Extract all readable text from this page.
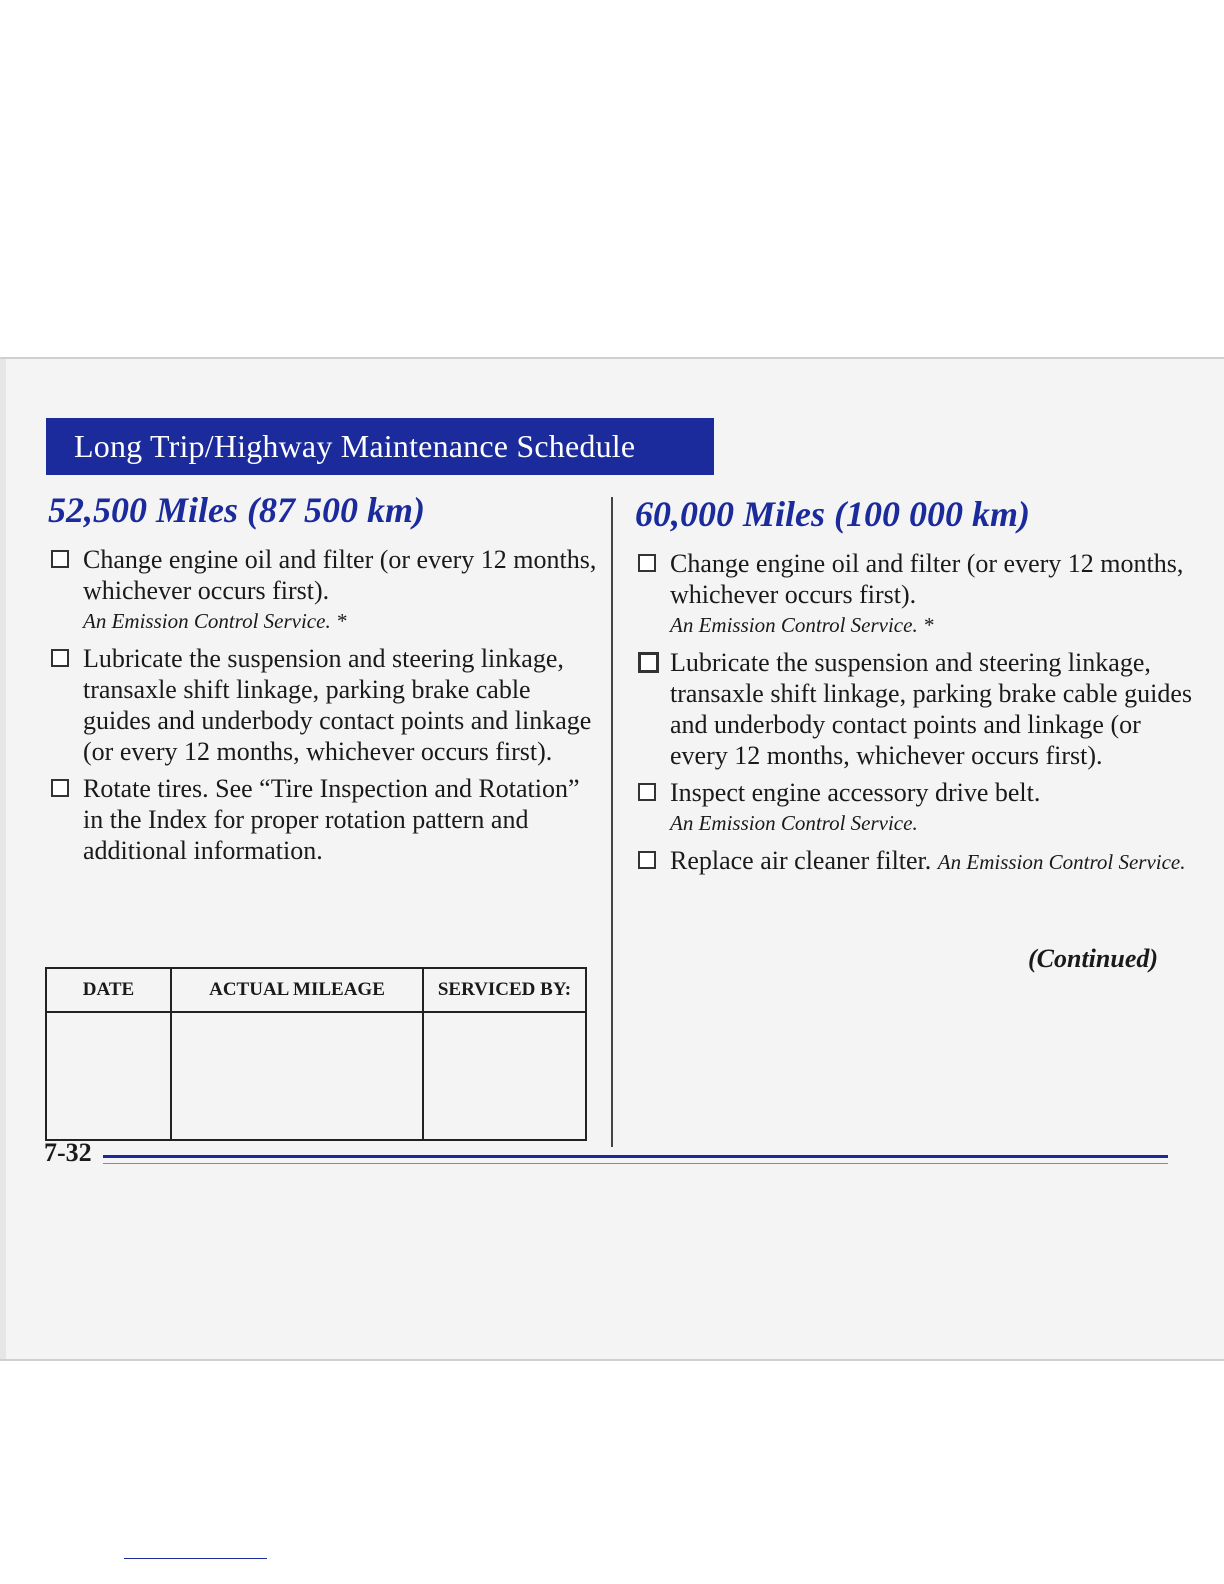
Long Trip/Highway Maintenance Schedule
52,500 Miles (87 500 km)
Change engine oil and filter (or every 12 months, whichever occurs first).
An Emission Control Service. *
Lubricate the suspension and steering linkage, transaxle shift linkage, parking brake cable guides and underbody contact points and linkage (or every 12 months, whichever occurs first).
Rotate tires. See “Tire Inspection and Rotation” in the Index for proper rotation pattern and additional information.
DATE	ACTUAL MILEAGE	SERVICED BY:

60,000 Miles (100 000 km)
Change engine oil and filter (or every 12 months, whichever occurs first).
An Emission Control Service. *
Lubricate the suspension and steering linkage, transaxle shift linkage, parking brake cable guides and underbody contact points and linkage (or every 12 months, whichever occurs first).
Inspect engine accessory drive belt.
An Emission Control Service.
Replace air cleaner filter. An Emission Control Service.
(Continued)
7-32
